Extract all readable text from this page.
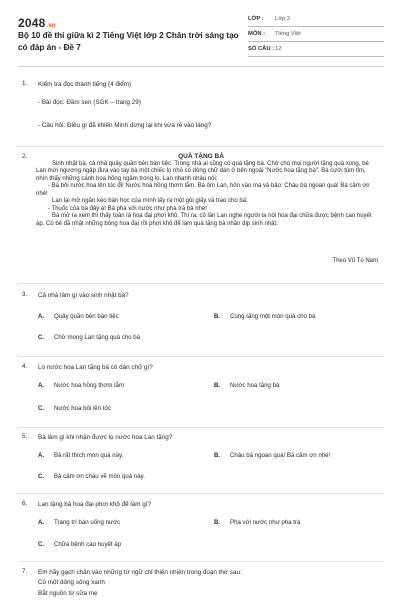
2048.vn
Bộ 10 đề thi giữa kì 2 Tiếng Việt lớp 2 Chân trời sáng tạo có đáp án - Đề 7
LỚP : Lớp 2
MÔN : Tiếng Việt
SỐ CÂU : 12
1. Kiểm tra đọc thành tiếng (4 điểm)
- Bài đọc: Đầm sen (SGK – trang 29)
- Câu hỏi: Điều gì đã khiến Minh dừng lại khi vừa rẽ vào làng?
2.	QUÀ TẶNG BÀ

Sinh nhật bà, cả nhà quây quần bên bàn tiệc. Trong nhà ai cũng có quà tặng bà. Chờ cho mọi người tặng quà xong, bé Lan mới ngượng ngập đưa vào tay bà một chiếc lọ nhỏ có dòng chữ dán ở bên ngoài "Nước hoa tặng bà". Bà cười tủm tỉm, nhìn thấy những cánh hoa hồng ngâm trong lọ. Lan nhanh nhảu nói:

- Bà bôi nước hoa lên tóc đi! Nước hoa hồng thơm lắm. Bà ôm Lan, hôn vào má và bảo: Cháu bà ngoan quá! Bà cảm ơn nhé!

Lan lại mở ngăn kéo bàn học của mình lấy ra một gói giấy và trao cho bà:

- Thuốc của bà đây ạ! Bà pha với nước như pha trà bà nhé!

Bà mở ra xem thì thấy toàn là hoa đại phơi khô. Thì ra, cô lần Lan nghe người ta nói hoa đại chữa được bệnh cao huyết áp. Có bé đã nhặt những bông hoa đại rồi phơi khô để làm quà tặng bà nhân dịp sinh nhật.

Theo Vũ Tú Nam
3. Cả nhà làm gì vào sinh nhật bà?
A. Quây quần bên bàn tiệc	B. Cùng tặng một món quà cho bà
C. Chờ mong Lan tặng quà cho bà
4. Lọ nước hoa Lan tặng bà có dán chữ gì?
A. Nước hoa hồng thơm lắm	B. Nước hoa tặng bà
C. Nước hoa bôi lên tóc
5. Bà làm gì khi nhận được lọ nước hoa Lan tặng?
A. Bà rất thích món quà này.	B. Cháu bà ngoan quá! Bà cảm ơn nhé!
C. Bà cảm ơn cháu về món quà này.
6. Lan tặng bà hoa đại phơi khô để làm gì?
A. Trang trí bàn uống nước	B. Pha với nước như pha trà
C. Chữa bệnh cao huyết áp
7. Em hãy gạch chân vào những từ ngữ chỉ thiên nhiên trong đoạn thơ sau:
Có một dòng sông xanh
Bắt nguồn từ sữa mẹ
